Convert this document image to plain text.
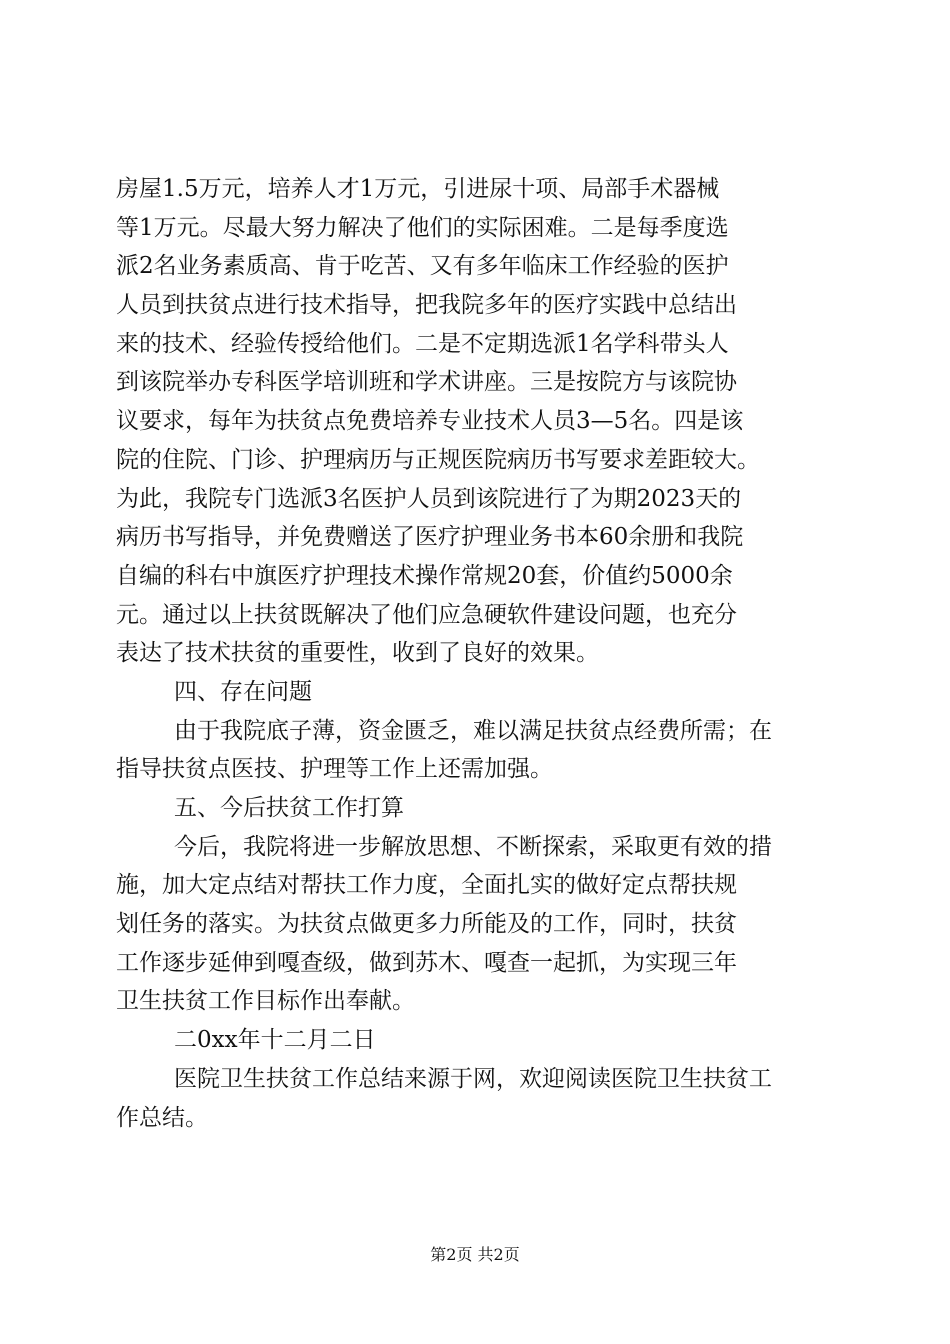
房屋1.5万元，培养人才1万元，引进尿十项、局部手术器械
等1万元。尽最大努力解决了他们的实际困难。二是每季度选
派2名业务素质高、肯于吃苦、又有多年临床工作经验的医护
人员到扶贫点进行技术指导，把我院多年的医疗实践中总结出
来的技术、经验传授给他们。二是不定期选派1名学科带头人
到该院举办专科医学培训班和学术讲座。三是按院方与该院协
议要求，每年为扶贫点免费培养专业技术人员3—5名。四是该
院的住院、门诊、护理病历与正规医院病历书写要求差距较大。
为此，我院专门选派3名医护人员到该院进行了为期2023天的
病历书写指导，并免费赠送了医疗护理业务书本60余册和我院
自编的科右中旗医疗护理技术操作常规20套，价值约5000余
元。通过以上扶贫既解决了他们应急硬软件建设问题，也充分
表达了技术扶贫的重要性，收到了良好的效果。
四、存在问题
由于我院底子薄，资金匮乏，难以满足扶贫点经费所需；在
指导扶贫点医技、护理等工作上还需加强。
五、今后扶贫工作打算
今后，我院将进一步解放思想、不断探索，采取更有效的措
施，加大定点结对帮扶工作力度，全面扎实的做好定点帮扶规
划任务的落实。为扶贫点做更多力所能及的工作，同时，扶贫
工作逐步延伸到嘎查级，做到苏木、嘎查一起抓，为实现三年
卫生扶贫工作目标作出奉献。
二0xx年十二月二日
医院卫生扶贫工作总结来源于网，欢迎阅读医院卫生扶贫工
作总结。
第2页 共2页
